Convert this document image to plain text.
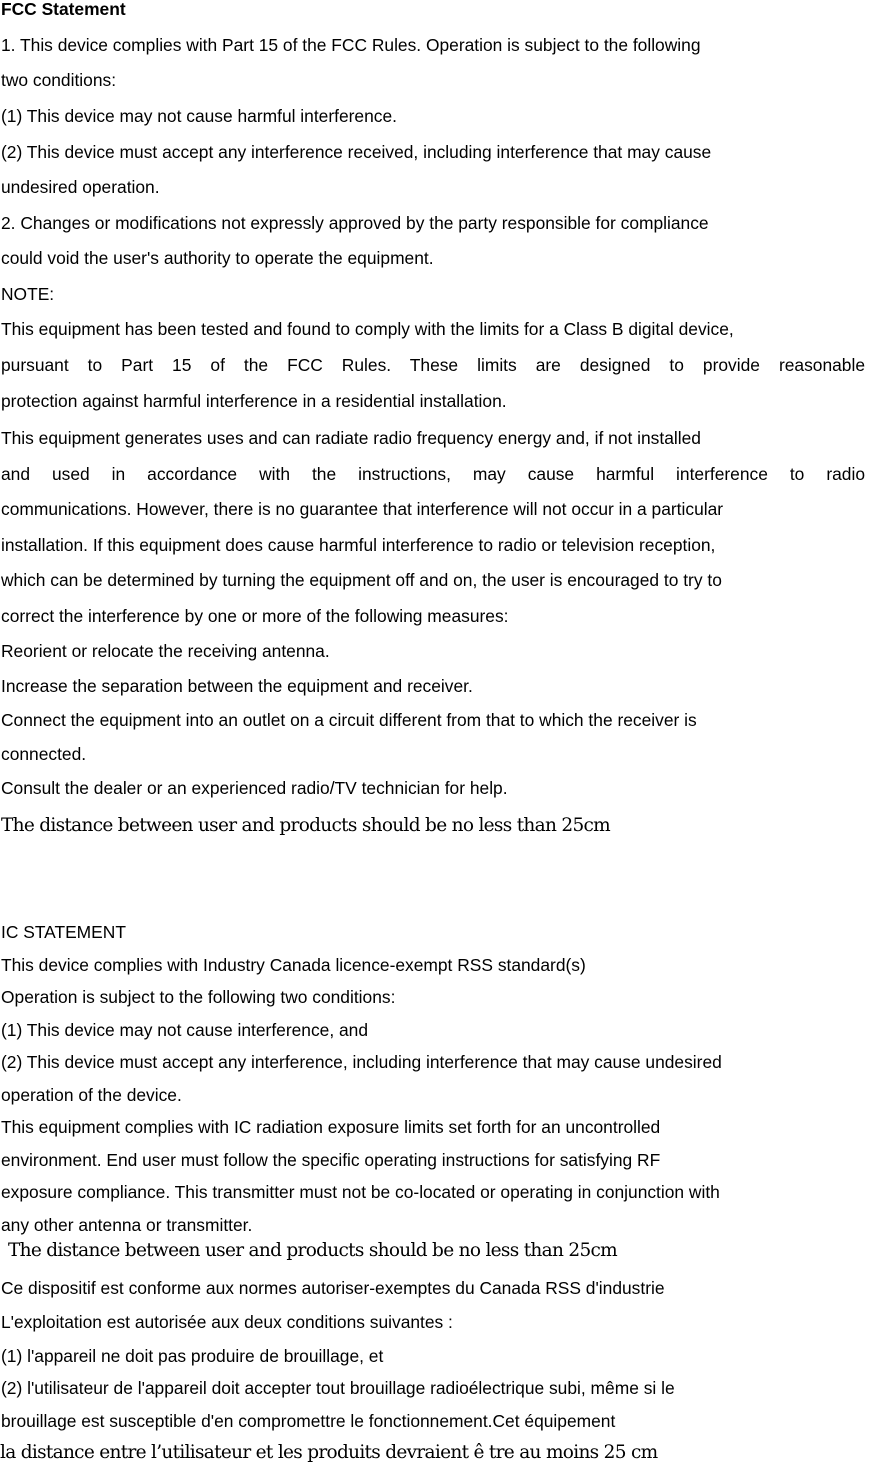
FCC Statement
1. This device complies with Part 15 of the FCC Rules. Operation is subject to the following
two conditions:
(1) This device may not cause harmful interference.
(2) This device must accept any interference received, including interference that may cause
undesired operation.
2. Changes or modifications not expressly approved by the party responsible for compliance
could void the user's authority to operate the equipment.
NOTE:
This equipment has been tested and found to comply with the limits for a Class B digital device,
pursuant to Part 15 of the FCC Rules. These limits are designed to provide reasonable
protection against harmful interference in a residential installation.
This equipment generates uses and can radiate radio frequency energy and, if not installed
and used in accordance with the instructions, may cause harmful interference to radio
communications. However, there is no guarantee that interference will not occur in a particular
installation. If this equipment does cause harmful interference to radio or television reception,
which can be determined by turning the equipment off and on, the user is encouraged to try to
correct the interference by one or more of the following measures:
Reorient or relocate the receiving antenna.
Increase the separation between the equipment and receiver.
Connect the equipment into an outlet on a circuit different from that to which the receiver is
connected.
Consult the dealer or an experienced radio/TV technician for help.
The distance between user and products should be no less than 25cm
IC STATEMENT
This device complies with Industry Canada licence-exempt RSS standard(s)
Operation is subject to the following two conditions:
(1) This device may not cause interference, and
(2) This device must accept any interference, including interference that may cause undesired
operation of the device.
This equipment complies with IC radiation exposure limits set forth for an uncontrolled
environment. End user must follow the specific operating instructions for satisfying RF
exposure compliance. This transmitter must not be co-located or operating in conjunction with
any other antenna or transmitter.
The distance between user and products should be no less than 25cm
Ce dispositif est conforme aux normes autoriser-exemptes du Canada RSS d'industrie
L'exploitation est autorisée aux deux conditions suivantes :
(1) l'appareil ne doit pas produire de brouillage, et
(2) l'utilisateur de l'appareil doit accepter tout brouillage radioélectrique subi, même si le
brouillage est susceptible d'en compromettre le fonctionnement.Cet équipement
la distance entre l’utilisateur et les produits devraient ê tre au moins 25 cm
